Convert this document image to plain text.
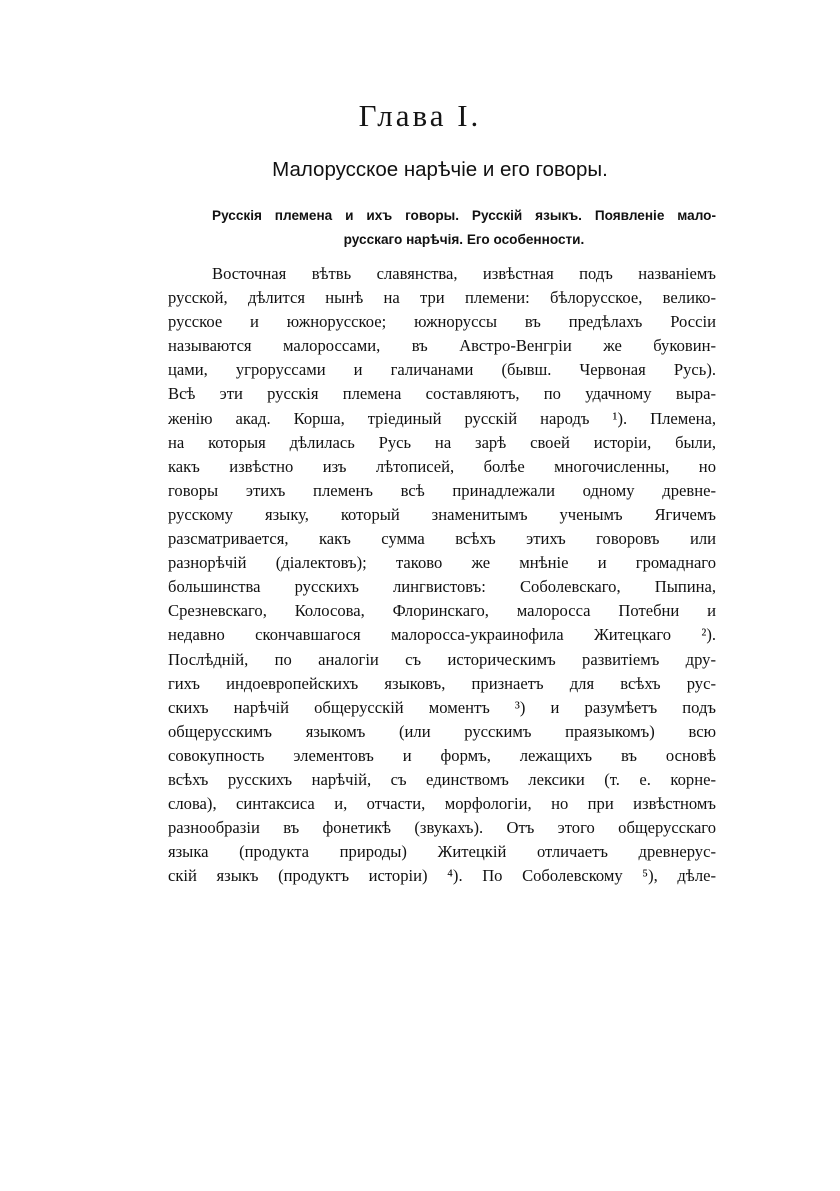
Глава I.
Малорусское нарѣчіе и его говоры.
Русскія племена и ихъ говоры. Русскій языкъ. Появленіе мало-
русскаго нарѣчія. Его особенности.
Восточная вѣтвь славянства, извѣстная подъ названіемъ
русской, дѣлится нынѣ на три племени: бѣлорусское, велико-
русское и южнорусское; южноруссы въ предѣлахъ Россіи
называются малороссами, въ Австро-Венгріи же буковин-
цами, угроруссами и галичанами (бывш. Червоная Русь).
Всѣ эти русскія племена составляютъ, по удачному выра-
женію акад. Корша, тріединый русскій народъ ¹). Племена,
на которыя дѣлилась Русь на зарѣ своей исторіи, были,
какъ извѣстно изъ лѣтописей, болѣе многочисленны, но
говоры этихъ племенъ всѣ принадлежали одному древне-
русскому языку, который знаменитымъ ученымъ Ягичемъ
разсматривается, какъ сумма всѣхъ этихъ говоровъ или
разнорѣчій (діалектовъ); таково же мнѣніе и громаднаго
большинства русскихъ лингвистовъ: Соболевскаго, Пыпина,
Срезневскаго, Колосова, Флоринскаго, малоросса Потебни и
недавно скончавшагося малоросса-украинофила Житецкаго ²).
Послѣдній, по аналогіи съ историческимъ развитіемъ дру-
гихъ индоевропейскихъ языковъ, признаетъ для всѣхъ рус-
скихъ нарѣчій общерусскій моментъ ³) и разумѣетъ подъ
общерусскимъ языкомъ (или русскимъ праязыкомъ) всю
совокупность элементовъ и формъ, лежащихъ въ основѣ
всѣхъ русскихъ нарѣчій, съ единствомъ лексики (т. е. корне-
слова), синтаксиса и, отчасти, морфологіи, но при извѣстномъ
разнообразіи въ фонетикѣ (звукахъ). Отъ этого общерусскаго
языка (продукта природы) Житецкій отличаетъ древнерус-
скій языкъ (продуктъ исторіи) ⁴). По Соболевскому ⁵), дѣле-
